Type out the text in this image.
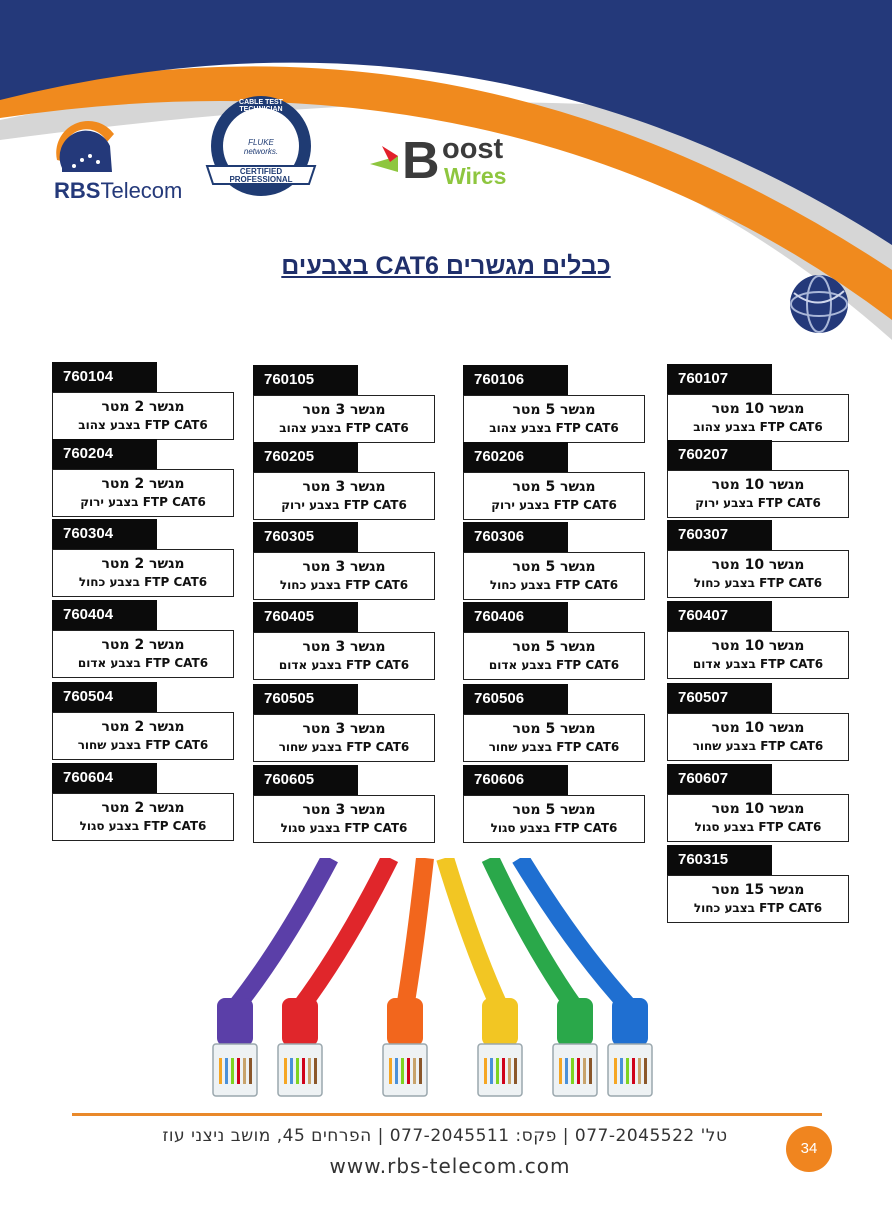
RBSTelecom
CABLE TEST TECHNICIAN
FLUKE networks.
CERTIFIED
PROFESSIONAL B oost
Wires
כבלים מגשרים CAT6 בצבעים
760104
מגשר 2 מטר
FTP CAT6 בצבע צהוב
760204
מגשר 2 מטר
FTP CAT6 בצבע ירוק
760304
מגשר 2 מטר
FTP CAT6 בצבע כחול
760404
מגשר 2 מטר
FTP CAT6 בצבע אדום
760504
מגשר 2 מטר
FTP CAT6 בצבע שחור
760604
מגשר 2 מטר
FTP CAT6 בצבע סגול
760105
מגשר 3 מטר
FTP CAT6 בצבע צהוב
760205
מגשר 3 מטר
FTP CAT6 בצבע ירוק
760305
מגשר 3 מטר
FTP CAT6 בצבע כחול
760405
מגשר 3 מטר
FTP CAT6 בצבע אדום
760505
מגשר 3 מטר
FTP CAT6 בצבע שחור
760605
מגשר 3 מטר
FTP CAT6 בצבע סגול
760106
מגשר 5 מטר
FTP CAT6 בצבע צהוב
760206
מגשר 5 מטר
FTP CAT6 בצבע ירוק
760306
מגשר 5 מטר
FTP CAT6 בצבע כחול
760406
מגשר 5 מטר
FTP CAT6 בצבע אדום
760506
מגשר 5 מטר
FTP CAT6 בצבע שחור
760606
מגשר 5 מטר
FTP CAT6 בצבע סגול
760107
מגשר 10 מטר
FTP CAT6 בצבע צהוב
760207
מגשר 10 מטר
FTP CAT6 בצבע ירוק
760307
מגשר 10 מטר
FTP CAT6 בצבע כחול
760407
מגשר 10 מטר
FTP CAT6 בצבע אדום
760507
מגשר 10 מטר
FTP CAT6 בצבע שחור
760607
מגשר 10 מטר
FTP CAT6 בצבע סגול
760315
מגשר 15 מטר
FTP CAT6 בצבע כחול
טל' 077-2045522 | פקס: 077-2045511 | הפרחים 45, מושב ניצני עוז
www.rbs-telecom.com
34
